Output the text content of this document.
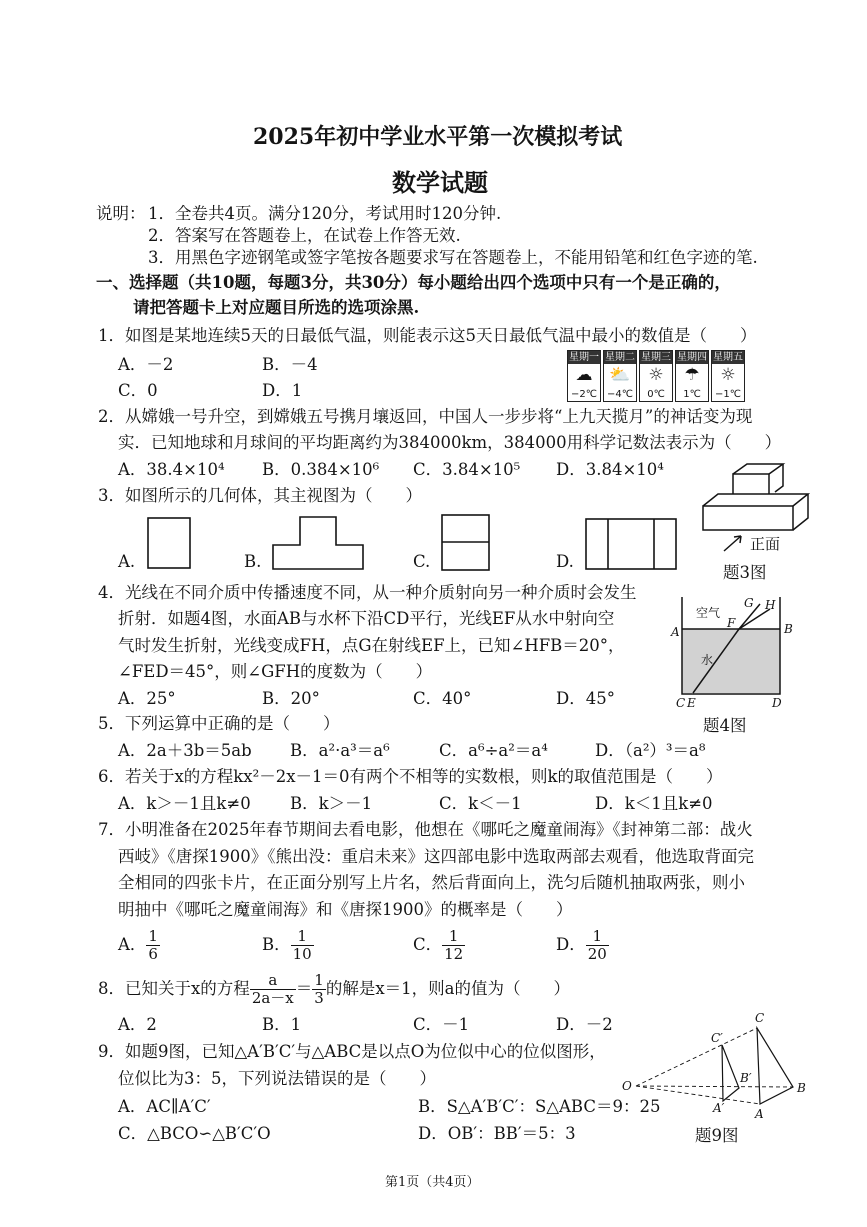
2025年初中学业水平第一次模拟考试
数学试题
说明： 1．全卷共4页。满分120分，考试用时120分钟.
2．答案写在答题卷上，在试卷上作答无效.
3．用黑色字迹钢笔或签字笔按各题要求写在答题卷上，不能用铅笔和红色字迹的笔.
一、选择题（共10题，每题3分，共30分）每小题给出四个选项中只有一个是正确的，
请把答题卡上对应题目所选的选项涂黑.
1．如图是某地连续5天的日最低气温，则能表示这5天日最低气温中最小的数值是（　　）
A．－2	B．－4
C．0	D．1
星期一
☁
−2℃
星期二
⛅
−4℃
星期三
☼
0℃
星期四
☂
1℃
星期五
☼
−1℃
2．从嫦娥一号升空，到嫦娥五号携月壤返回，中国人一步步将“上九天揽月”的神话变为现
实．已知地球和月球间的平均距离约为384000km，384000用科学记数法表示为（　　）
A．38.4×10⁴ B．0.384×10⁶ C．3.84×10⁵ D．3.84×10⁴
3．如图所示的几何体，其主视图为（　　）
A.	B.	C.	D.
正面
题3图
4．光线在不同介质中传播速度不同，从一种介质射向另一种介质时会发生
折射．如题4图，水面AB与水杯下沿CD平行，光线EF从水中射向空
气时发生折射，光线变成FH，点G在射线EF上，已知∠HFB＝20°，
∠FED＝45°，则∠GFH的度数为（　　）
A．25°	B．20°	C．40°	D．45°
空气
水
A	B
C E	D
F
G H
题4图
5．下列运算中正确的是（　　）
A．2a＋3b＝5ab B．a²·a³＝a⁶	C．a⁶÷a²＝a⁴	D．（a²）³＝a⁸
6．若关于x的方程kx²－2x－1＝0有两个不相等的实数根，则k的取值范围是（　　）
A．k＞－1且k≠0 B．k＞－1	C．k＜－1	D．k＜1且k≠0
7．小明准备在2025年春节期间去看电影，他想在《哪吒之魔童闹海》《封神第二部：战火
西岐》《唐探1900》《熊出没：重启未来》这四部电影中选取两部去观看，他选取背面完
全相同的四张卡片，在正面分别写上片名，然后背面向上，洗匀后随机抽取两张，则小
明抽中《哪吒之魔童闹海》和《唐探1900》的概率是（　　）
A． $\frac{1}{6}$	B． $\frac{1}{10}$	C． $\frac{1}{12}$	D． $\frac{1}{20}$
8．已知关于x的方程 $\frac{a}{2a-x} = \frac{1}{3}$ 的解是x＝1，则a的值为（　　）
A．2	B．1	C．－1	D．－2
9．如题9图，已知△A′B′C′与△ABC是以点O为位似中心的位似图形，
位似比为3：5，下列说法错误的是（　　）
A．AC∥A′C′	B．S△A′B′C′：S△ABC＝9：25
C．△BCO∽△B′C′O	D．OB′：BB′＝5：3
O
C
B
A
C′
B′
A′
题9图
第1页（共4页）
